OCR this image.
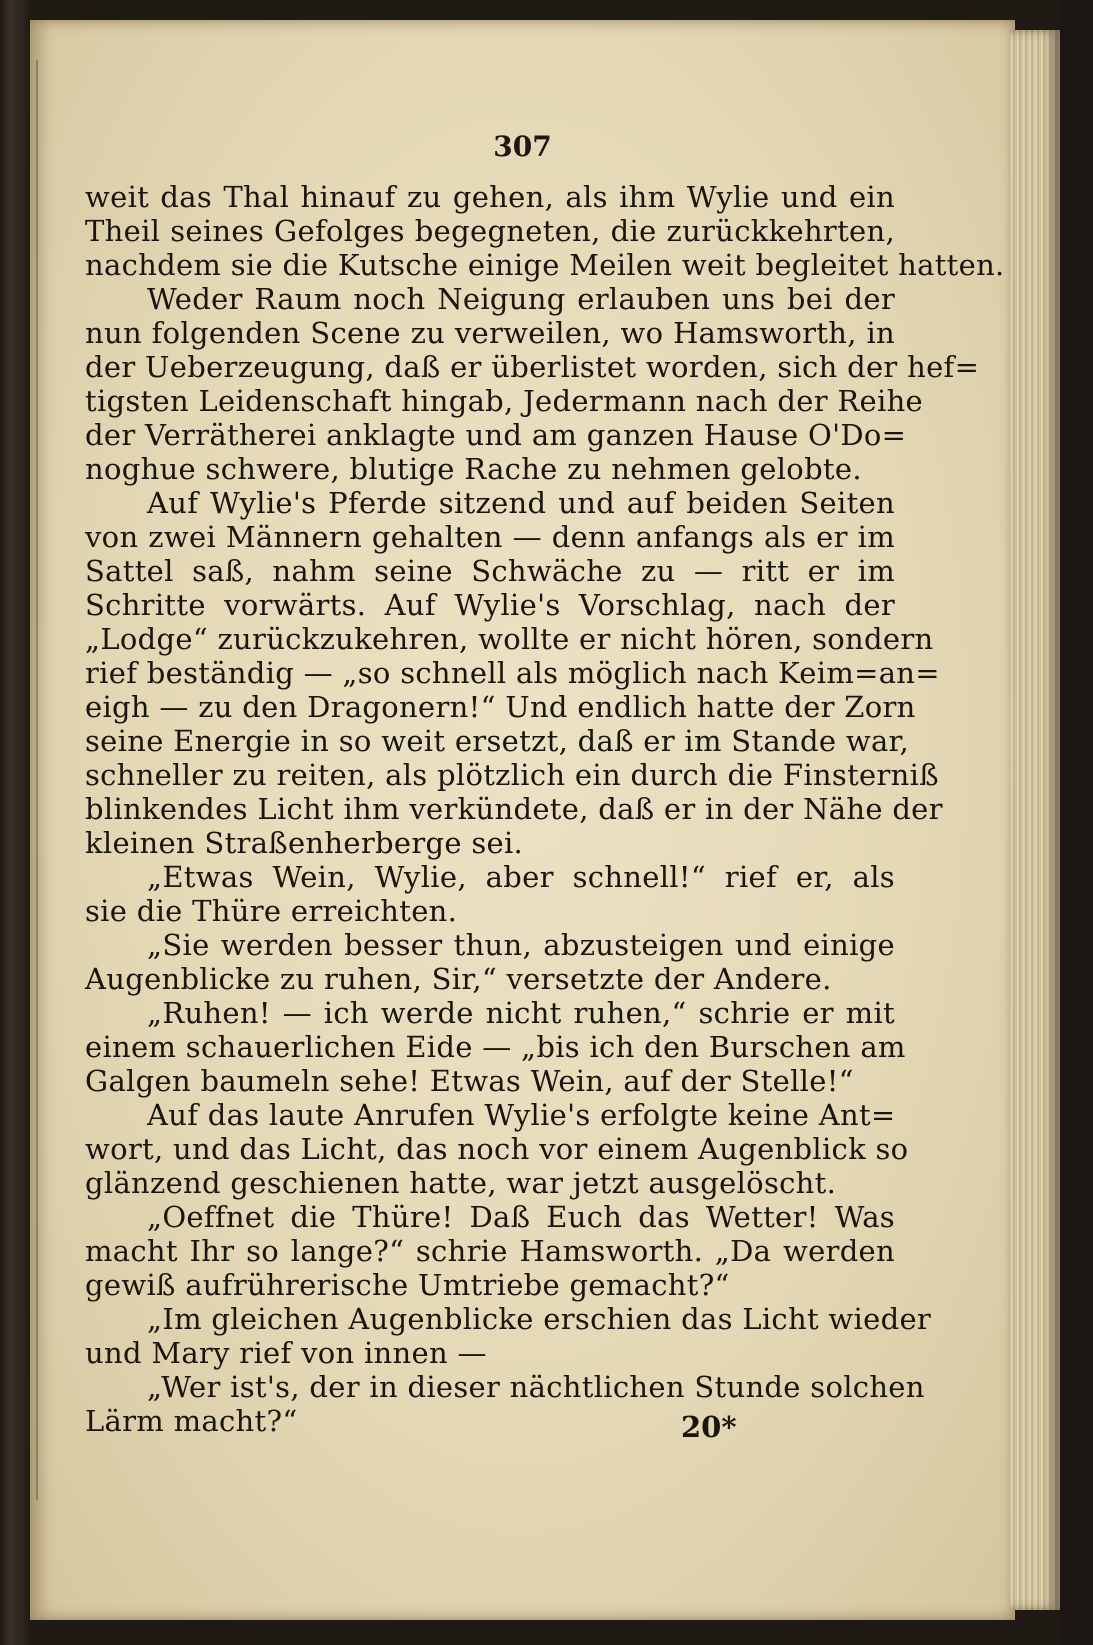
307
weit das Thal hinauf zu gehen, als ihm Wylie und ein
Theil seines Gefolges begegneten, die zurückkehrten,
nachdem sie die Kutsche einige Meilen weit begleitet hatten.
Weder Raum noch Neigung erlauben uns bei der
nun folgenden Scene zu verweilen, wo Hamsworth, in
der Ueberzeugung, daß er überlistet worden, sich der hef=
tigsten Leidenschaft hingab, Jedermann nach der Reihe
der Verrätherei anklagte und am ganzen Hause O'Do=
noghue schwere, blutige Rache zu nehmen gelobte.
Auf Wylie's Pferde sitzend und auf beiden Seiten
von zwei Männern gehalten — denn anfangs als er im
Sattel saß, nahm seine Schwäche zu — ritt er im
Schritte vorwärts. Auf Wylie's Vorschlag, nach der
„Lodge“ zurückzukehren, wollte er nicht hören, sondern
rief beständig — „so schnell als möglich nach Keim=an=
eigh — zu den Dragonern!“ Und endlich hatte der Zorn
seine Energie in so weit ersetzt, daß er im Stande war,
schneller zu reiten, als plötzlich ein durch die Finsterniß
blinkendes Licht ihm verkündete, daß er in der Nähe der
kleinen Straßenherberge sei.
„Etwas Wein, Wylie, aber schnell!“ rief er, als
sie die Thüre erreichten.
„Sie werden besser thun, abzusteigen und einige
Augenblicke zu ruhen, Sir,“ versetzte der Andere.
„Ruhen! — ich werde nicht ruhen,“ schrie er mit
einem schauerlichen Eide — „bis ich den Burschen am
Galgen baumeln sehe! Etwas Wein, auf der Stelle!“
Auf das laute Anrufen Wylie's erfolgte keine Ant=
wort, und das Licht, das noch vor einem Augenblick so
glänzend geschienen hatte, war jetzt ausgelöscht.
„Oeffnet die Thüre! Daß Euch das Wetter! Was
macht Ihr so lange?“ schrie Hamsworth. „Da werden
gewiß aufrührerische Umtriebe gemacht?“
„Im gleichen Augenblicke erschien das Licht wieder
und Mary rief von innen —
„Wer ist's, der in dieser nächtlichen Stunde solchen
Lärm macht?“	20*
